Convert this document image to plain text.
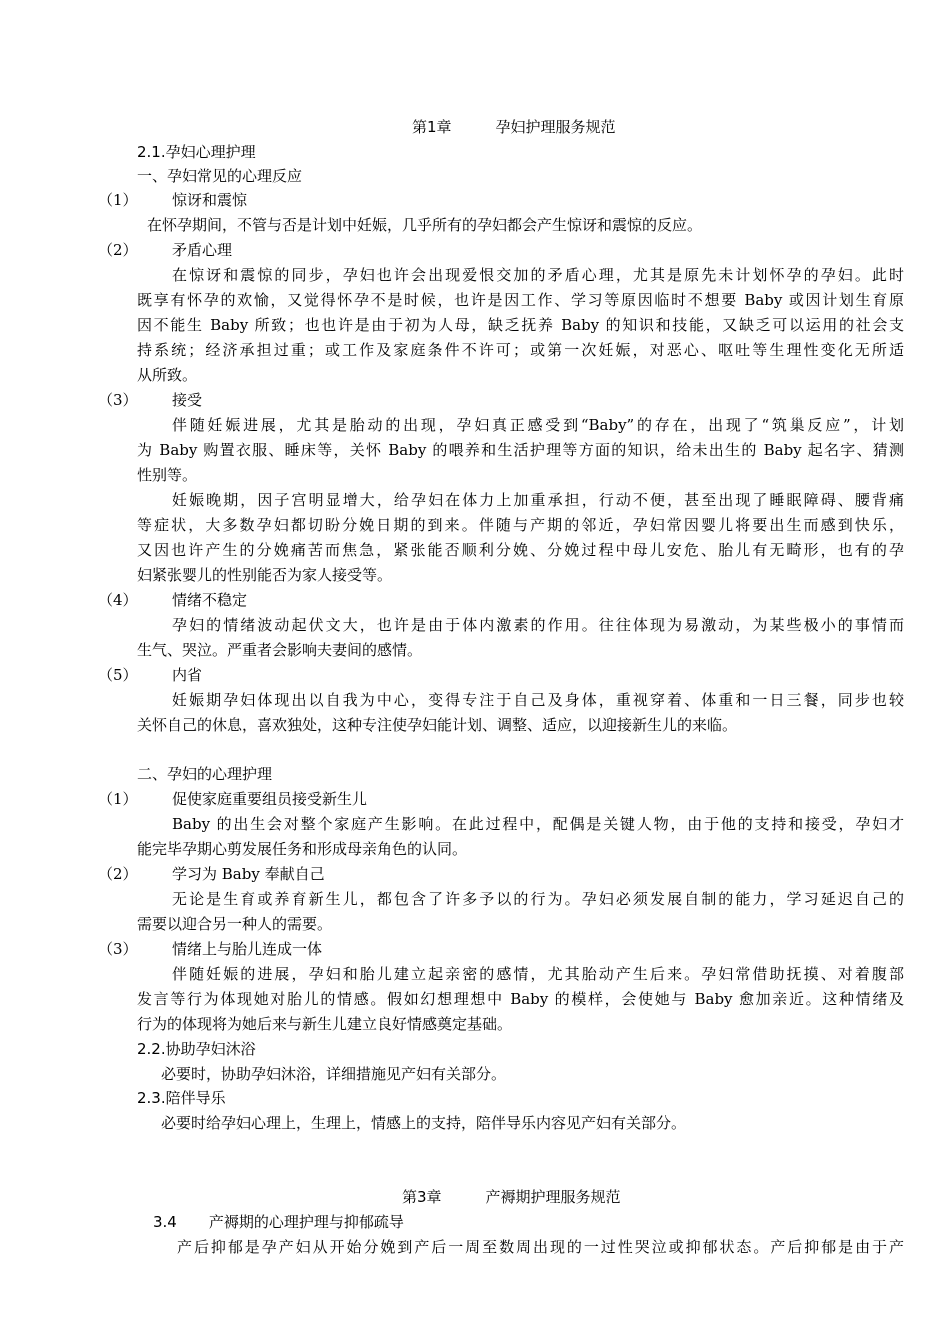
第1章	孕妇护理服务规范
2.1.孕妇心理护理
一、孕妇常见的心理反应
（1） 惊讶和震惊
在怀孕期间，不管与否是计划中妊娠，几乎所有的孕妇都会产生惊讶和震惊的反应。
（2） 矛盾心理
在惊讶和震惊的同步，孕妇也许会出现爱恨交加的矛盾心理，尤其是原先未计划怀孕的孕妇。此时
既享有怀孕的欢愉，又觉得怀孕不是时候，也许是因工作、学习等原因临时不想要 Baby 或因计划生育原
因不能生 Baby 所致；也也许是由于初为人母，缺乏抚养 Baby 的知识和技能，又缺乏可以运用的社会支
持系统；经济承担过重；或工作及家庭条件不许可；或第一次妊娠，对恶心、呕吐等生理性变化无所适
从所致。
（3） 接受
伴随妊娠进展，尤其是胎动的出现，孕妇真正感受到“Baby”的存在，出现了“筑巢反应”，计划
为 Baby 购置衣服、睡床等，关怀 Baby 的喂养和生活护理等方面的知识，给未出生的 Baby 起名字、猜测
性别等。
妊娠晚期，因子宫明显增大，给孕妇在体力上加重承担，行动不便，甚至出现了睡眠障碍、腰背痛
等症状，大多数孕妇都切盼分娩日期的到来。伴随与产期的邻近，孕妇常因婴儿将要出生而感到快乐，
又因也许产生的分娩痛苦而焦急，紧张能否顺利分娩、分娩过程中母儿安危、胎儿有无畸形，也有的孕
妇紧张婴儿的性别能否为家人接受等。
（4） 情绪不稳定
孕妇的情绪波动起伏文大，也许是由于体内激素的作用。往往体现为易激动，为某些极小的事情而
生气、哭泣。严重者会影响夫妻间的感情。
（5） 内省
妊娠期孕妇体现出以自我为中心，变得专注于自己及身体，重视穿着、体重和一日三餐，同步也较
关怀自己的休息，喜欢独处，这种专注使孕妇能计划、调整、适应，以迎接新生儿的来临。
二、孕妇的心理护理
（1） 促使家庭重要组员接受新生儿
Baby 的出生会对整个家庭产生影响。在此过程中，配偶是关键人物，由于他的支持和接受，孕妇才
能完毕孕期心剪发展任务和形成母亲角色的认同。
（2） 学习为 Baby 奉献自己
无论是生育或养育新生儿，都包含了许多予以的行为。孕妇必须发展自制的能力，学习延迟自己的
需要以迎合另一种人的需要。
（3） 情绪上与胎儿连成一体
伴随妊娠的进展，孕妇和胎儿建立起亲密的感情，尤其胎动产生后来。孕妇常借助抚摸、对着腹部
发言等行为体现她对胎儿的情感。假如幻想理想中 Baby 的模样，会使她与 Baby 愈加亲近。这种情绪及
行为的体现将为她后来与新生儿建立良好情感奠定基础。
2.2.协助孕妇沐浴
必要时，协助孕妇沐浴，详细措施见产妇有关部分。
2.3.陪伴导乐
必要时给孕妇心理上，生理上，情感上的支持，陪伴导乐内容见产妇有关部分。
第3章	产褥期护理服务规范
3.4 产褥期的心理护理与抑郁疏导
产后抑郁是孕产妇从开始分娩到产后一周至数周出现的一过性哭泣或抑郁状态。产后抑郁是由于产
